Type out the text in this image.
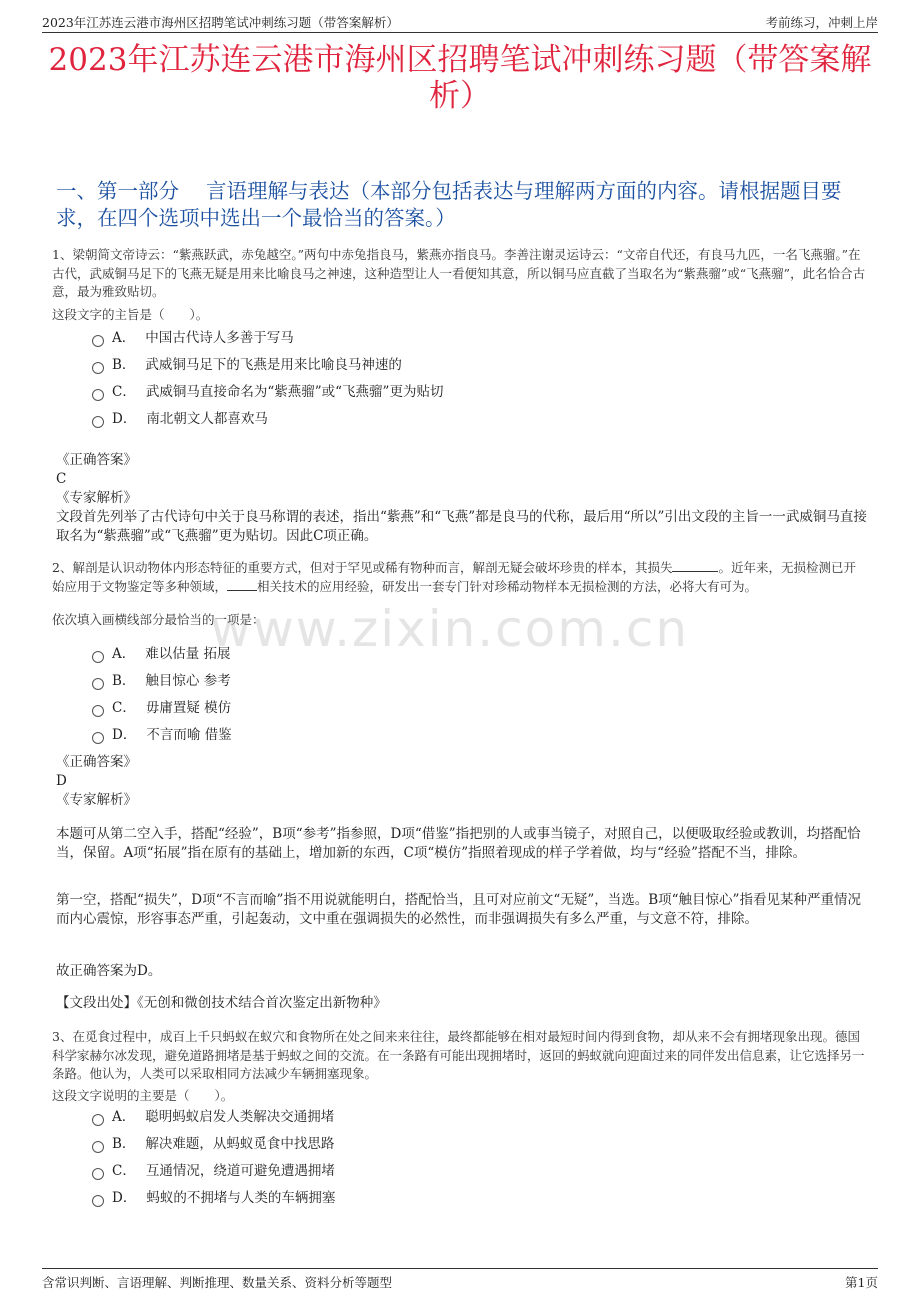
2023年江苏连云港市海州区招聘笔试冲刺练习题（带答案解析）	考前练习，冲刺上岸
2023年江苏连云港市海州区招聘笔试冲刺练习题（带答案解析）
一、第一部分　 言语理解与表达（本部分包括表达与理解两方面的内容。请根据题目要求，在四个选项中选出一个最恰当的答案。）
1、梁朝简文帝诗云：“紫燕跃武，赤兔越空。”两句中赤兔指良马，紫燕亦指良马。李善注谢灵运诗云：“文帝自代还，有良马九匹，一名飞燕骝。”在古代，武威铜马足下的飞燕无疑是用来比喻良马之神速，这种造型让人一看便知其意，所以铜马应直截了当取名为“紫燕骝”或“飞燕骝”，此名恰合古意，最为雅致贴切。
这段文字的主旨是（　　）。
A． 中国古代诗人多善于写马
B． 武威铜马足下的飞燕是用来比喻良马神速的
C． 武威铜马直接命名为“紫燕骝”或“飞燕骝”更为贴切
D． 南北朝文人都喜欢马

《正确答案》

C

《专家解析》

文段首先列举了古代诗句中关于良马称谓的表述，指出“紫燕”和“飞燕”都是良马的代称，最后用“所以”引出文段的主旨一一武威铜马直接取名为“紫燕骝”或“飞燕骝”更为贴切。因此C项正确。

2、解剖是认识动物体内形态特征的重要方式，但对于罕见或稀有物种而言，解剖无疑会破坏珍贵的样本，其损失	。近年来，无损检测已开始应用于文物鉴定等多种领域， 相关技术的应用经验，研发出一套专门针对珍稀动物样本无损检测的方法，必将大有可为。
依次填入画横线部分最恰当的一项是：
A． 难以估量 拓展
B． 触目惊心 参考
C． 毋庸置疑 模仿
D． 不言而喻 借鉴

《正确答案》

D

《专家解析》

本题可从第二空入手，搭配“经验”，B项“参考”指参照，D项“借鉴”指把别的人或事当镜子，对照自己，以便吸取经验或教训，均搭配恰当，保留。A项“拓展”指在原有的基础上，增加新的东西，C项“模仿”指照着现成的样子学着做，均与“经验”搭配不当，排除。
第一空，搭配“损失”，D项“不言而喻”指不用说就能明白，搭配恰当，且可对应前文“无疑”，当选。B项“触目惊心”指看见某种严重情况而内心震惊，形容事态严重，引起轰动，文中重在强调损失的必然性，而非强调损失有多么严重，与文意不符，排除。
故正确答案为D。
【文段出处】《无创和微创技术结合首次鉴定出新物种》
3、在觅食过程中，成百上千只蚂蚁在蚁穴和食物所在处之间来来往往，最终都能够在相对最短时间内得到食物，却从来不会有拥堵现象出现。德国科学家赫尔冰发现，避免道路拥堵是基于蚂蚁之间的交流。在一条路有可能出现拥堵时，返回的蚂蚁就向迎面过来的同伴发出信息素，让它选择另一条路。他认为，人类可以采取相同方法减少车辆拥塞现象。
这段文字说明的主要是（　　）。
A． 聪明蚂蚁启发人类解决交通拥堵
B． 解决难题，从蚂蚁觅食中找思路
C． 互通情况，绕道可避免遭遇拥堵
D． 蚂蚁的不拥堵与人类的车辆拥塞
www.zixin.com.cn
含常识判断、言语理解、判断推理、数量关系、资料分析等题型	第1页
